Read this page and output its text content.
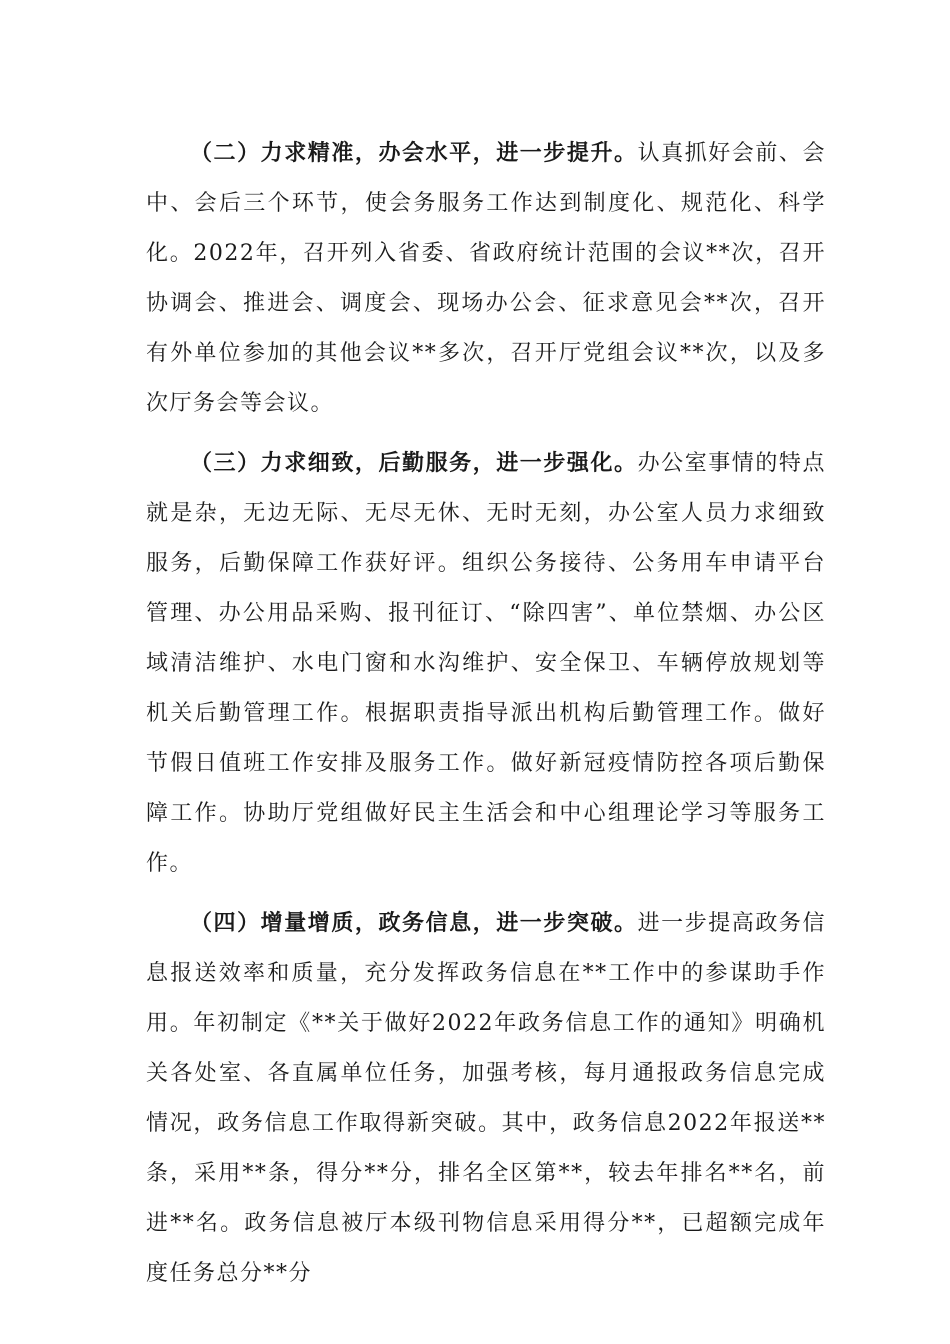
（二）力求精准，办会水平，进一步提升。认真抓好会前、会中、会后三个环节，使会务服务工作达到制度化、规范化、科学化。2022年，召开列入省委、省政府统计范围的会议**次，召开协调会、推进会、调度会、现场办公会、征求意见会**次，召开有外单位参加的其他会议**多次，召开厅党组会议**次，以及多次厅务会等会议。

（三）力求细致，后勤服务，进一步强化。办公室事情的特点就是杂，无边无际、无尽无休、无时无刻，办公室人员力求细致服务，后勤保障工作获好评。组织公务接待、公务用车申请平台管理、办公用品采购、报刊征订、“除四害”、单位禁烟、办公区域清洁维护、水电门窗和水沟维护、安全保卫、车辆停放规划等机关后勤管理工作。根据职责指导派出机构后勤管理工作。做好节假日值班工作安排及服务工作。做好新冠疫情防控各项后勤保障工作。协助厅党组做好民主生活会和中心组理论学习等服务工作。

（四）增量增质，政务信息，进一步突破。进一步提高政务信息报送效率和质量，充分发挥政务信息在**工作中的参谋助手作用。年初制定《**关于做好2022年政务信息工作的通知》明确机关各处室、各直属单位任务，加强考核，每月通报政务信息完成情况，政务信息工作取得新突破。其中，政务信息2022年报送**条，采用**条，得分**分，排名全区第**，较去年排名**名，前进**名。政务信息被厅本级刊物信息采用得分**，已超额完成年度任务总分**分
